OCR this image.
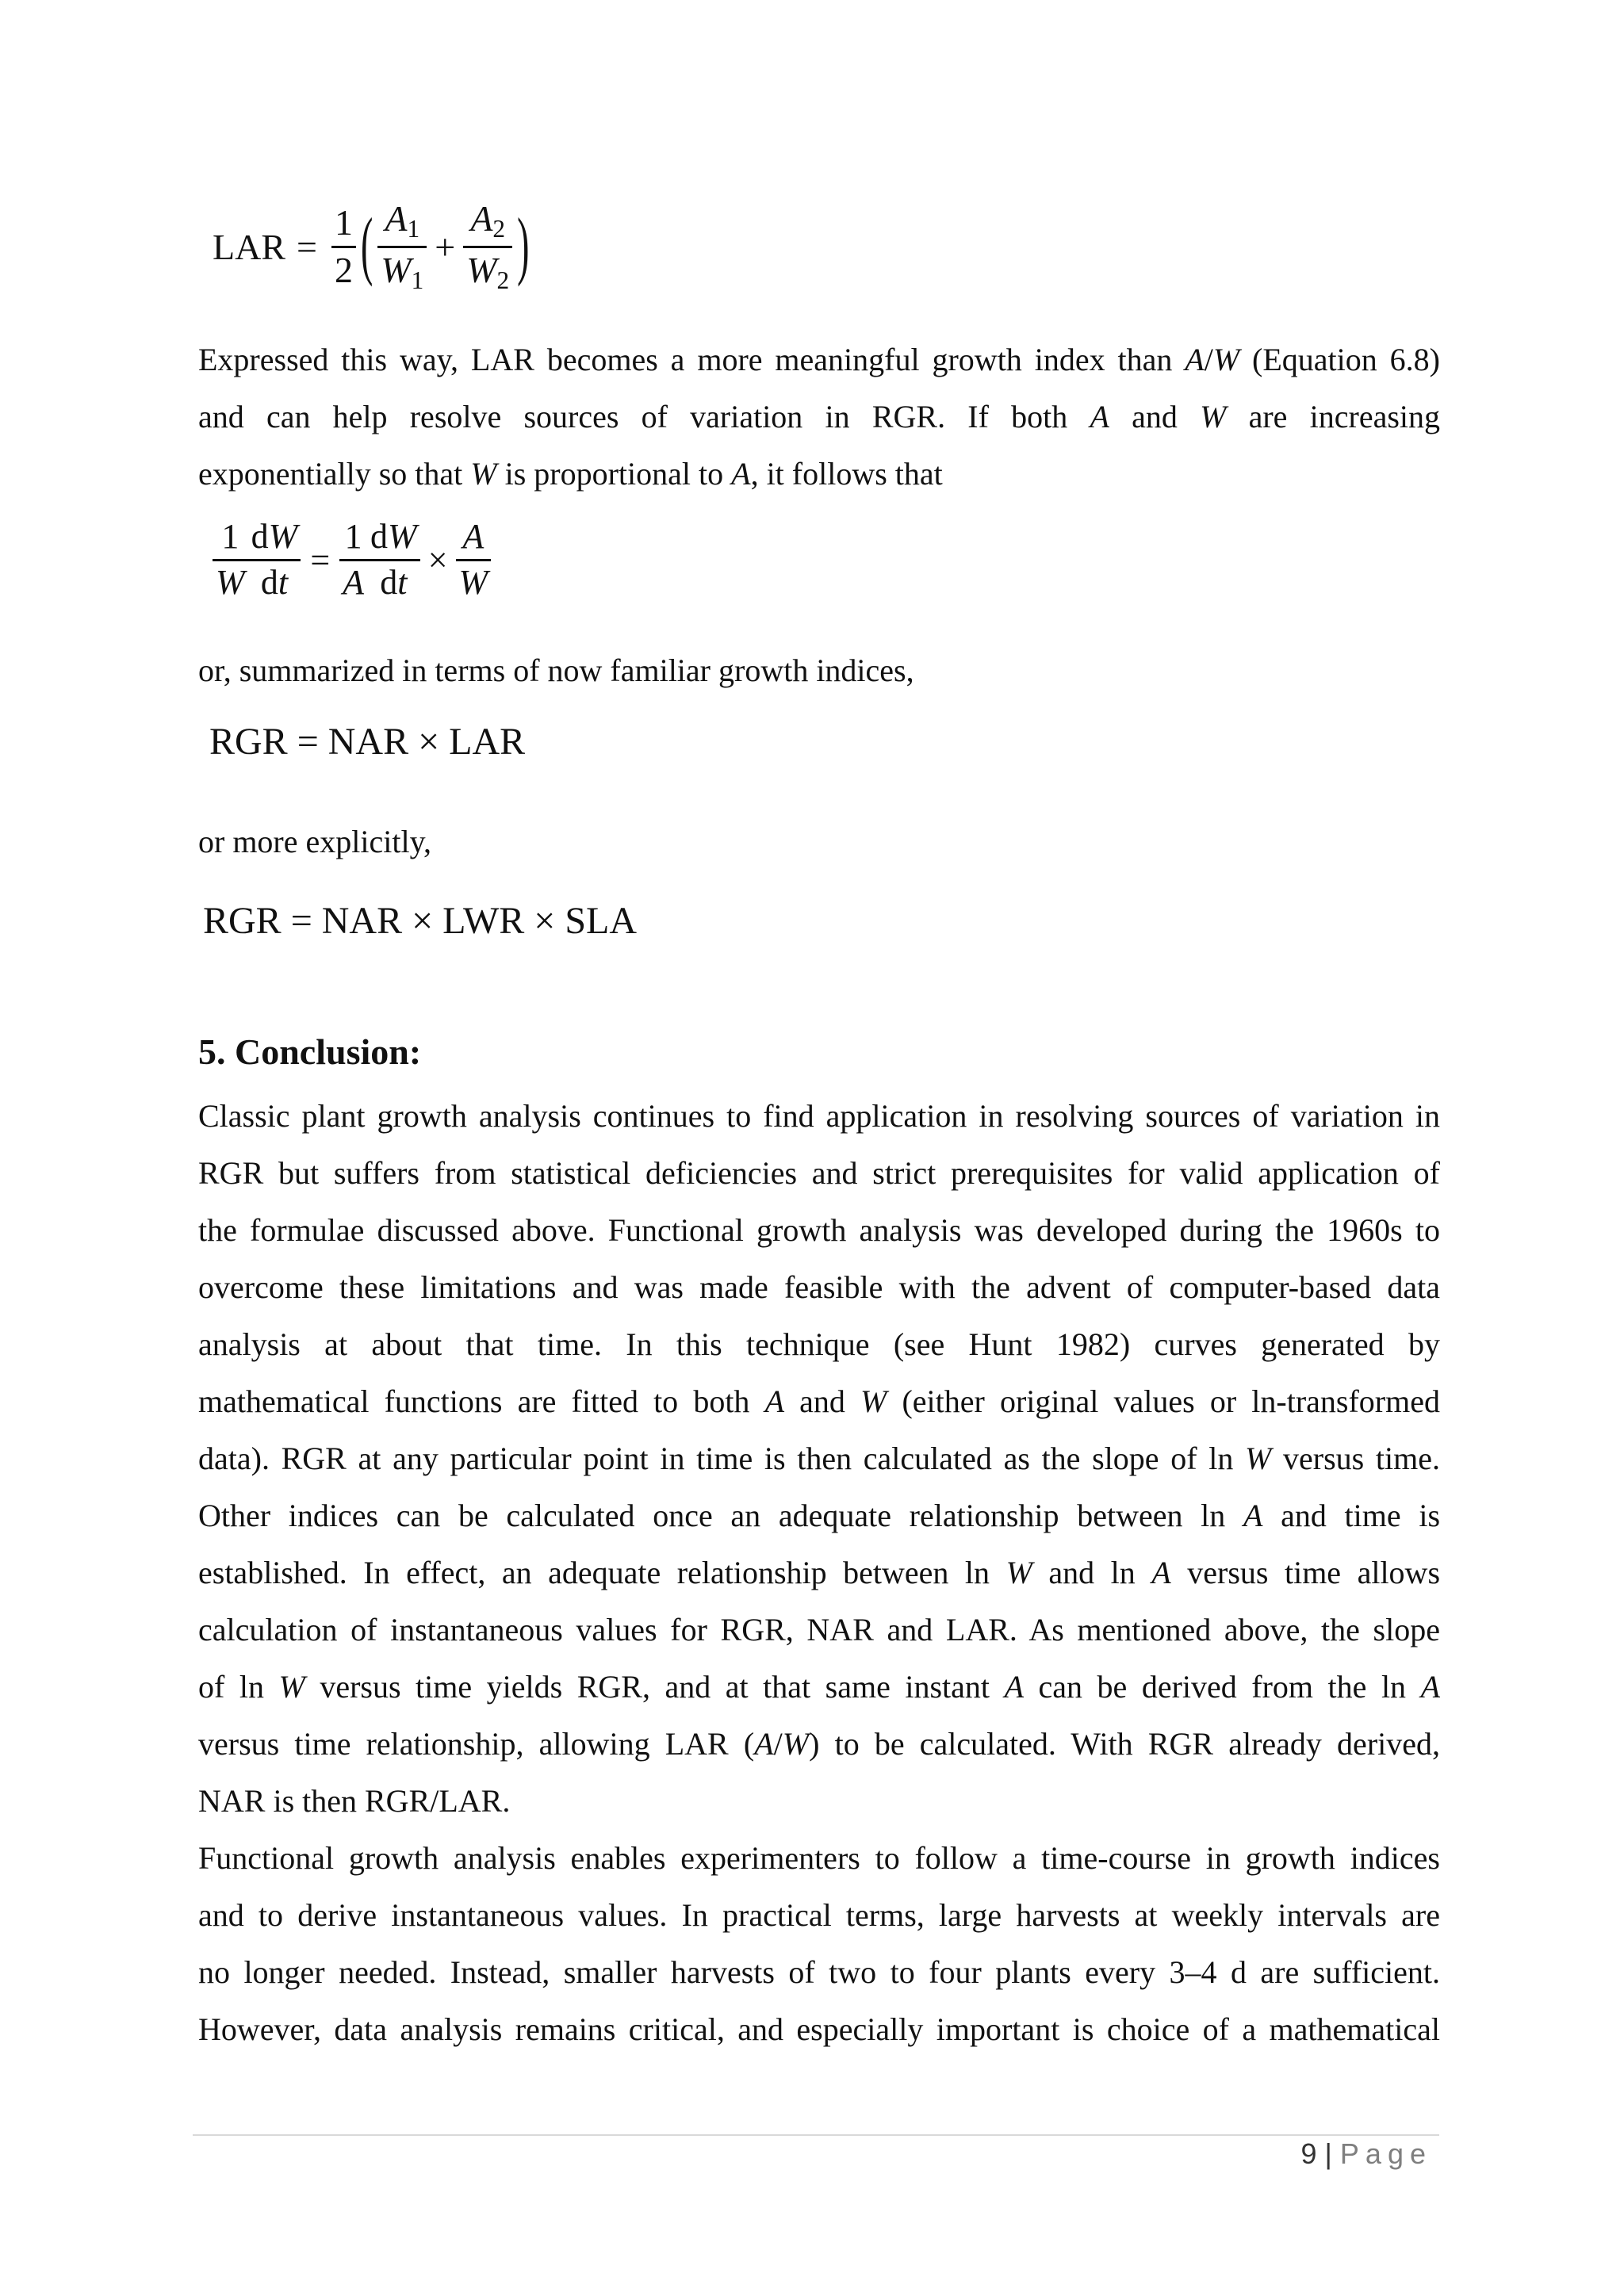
LAR = $\frac{1}{2}$ ( $\frac{A_1}{W_1} + \frac{A_2}{W_2}$ )

Expressed this way, LAR becomes a more meaningful growth index than A/W (Equation 6.8)
and can help resolve sources of variation in RGR. If both A and W are increasing
exponentially so that W is proportional to A, it follows that

$\frac{1}{W} \frac{dW}{dt} = \frac{1}{A} \frac{dW}{dt} \times \frac{A}{W}$

or, summarized in terms of now familiar growth indices,

RGR = NAR × LAR

or more explicitly,

RGR = NAR × LWR × SLA
5. Conclusion:

Classic plant growth analysis continues to find application in resolving sources of variation in
RGR but suffers from statistical deficiencies and strict prerequisites for valid application of
the formulae discussed above. Functional growth analysis was developed during the 1960s to
overcome these limitations and was made feasible with the advent of computer-based data
analysis at about that time. In this technique (see Hunt 1982) curves generated by
mathematical functions are fitted to both A and W (either original values or ln-transformed
data). RGR at any particular point in time is then calculated as the slope of ln W versus time.
Other indices can be calculated once an adequate relationship between ln A and time is
established. In effect, an adequate relationship between ln W and ln A versus time allows
calculation of instantaneous values for RGR, NAR and LAR. As mentioned above, the slope
of ln W versus time yields RGR, and at that same instant A can be derived from the ln A
versus time relationship, allowing LAR (A/W) to be calculated. With RGR already derived,
NAR is then RGR/LAR.
Functional growth analysis enables experimenters to follow a time-course in growth indices
and to derive instantaneous values. In practical terms, large harvests at weekly intervals are
no longer needed. Instead, smaller harvests of two to four plants every 3–4 d are sufficient.
However, data analysis remains critical, and especially important is choice of a mathematical

9 | Page
